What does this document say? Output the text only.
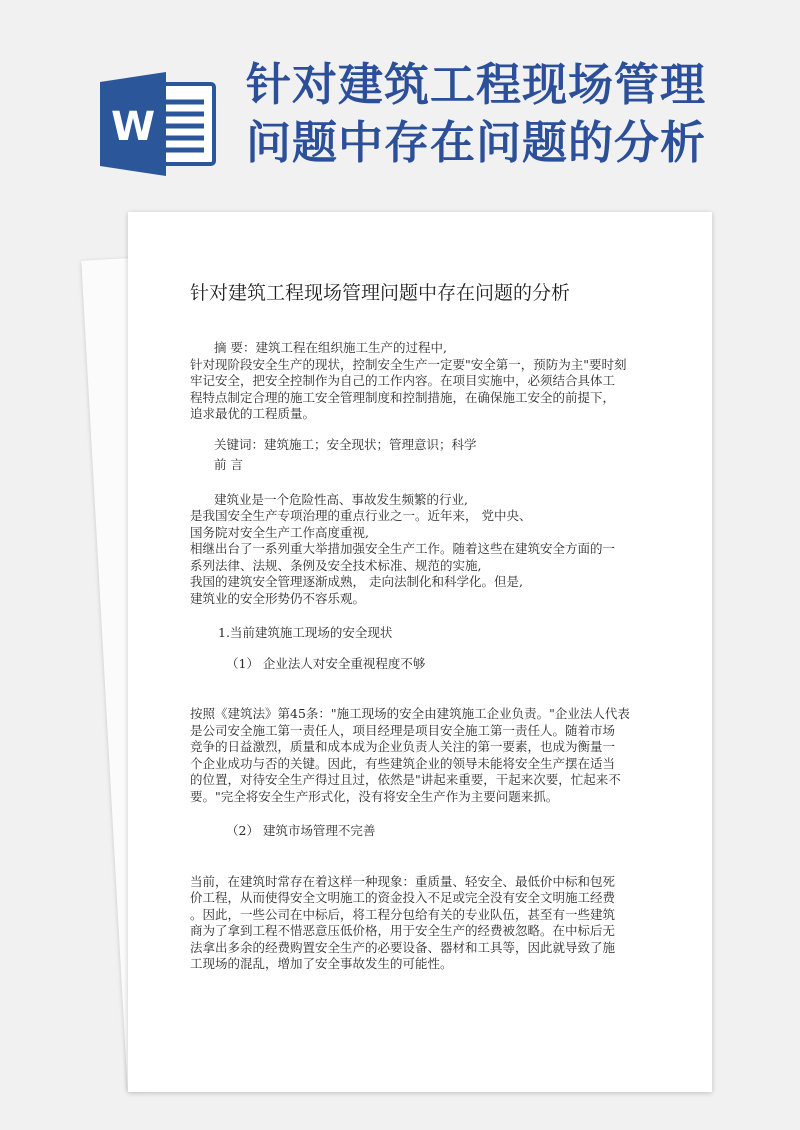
W
针对建筑工程现场管理
问题中存在问题的分析
针对建筑工程现场管理问题中存在问题的分析
摘 要：建筑工程在组织施工生产的过程中,
针对现阶段安全生产的现状，控制安全生产一定要"安全第一，预防为主"要时刻
牢记安全，把安全控制作为自己的工作内容。在项目实施中，必须结合具体工
程特点制定合理的施工安全管理制度和控制措施，在确保施工安全的前提下，
追求最优的工程质量。
关键词：建筑施工；安全现状；管理意识；科学
前 言
建筑业是一个危险性高、事故发生频繁的行业,
是我国安全生产专项治理的重点行业之一。近年来， 党中央、
国务院对安全生产工作高度重视,
相继出台了一系列重大举措加强安全生产工作。随着这些在建筑安全方面的一
系列法律、法规、条例及安全技术标准、规范的实施,
我国的建筑安全管理逐渐成熟， 走向法制化和科学化。但是,
建筑业的安全形势仍不容乐观。
1.当前建筑施工现场的安全现状
（1） 企业法人对安全重视程度不够
按照《建筑法》第45条："施工现场的安全由建筑施工企业负责。"企业法人代表
是公司安全施工第一责任人，项目经理是项目安全施工第一责任人。随着市场
竞争的日益激烈，质量和成本成为企业负责人关注的第一要素，也成为衡量一
个企业成功与否的关键。因此，有些建筑企业的领导未能将安全生产摆在适当
的位置，对待安全生产得过且过，依然是"讲起来重要，干起来次要，忙起来不
要。"完全将安全生产形式化，没有将安全生产作为主要问题来抓。
（2） 建筑市场管理不完善
当前，在建筑时常存在着这样一种现象：重质量、轻安全、最低价中标和包死
价工程，从而使得安全文明施工的资金投入不足或完全没有安全文明施工经费
。因此，一些公司在中标后，将工程分包给有关的专业队伍，甚至有一些建筑
商为了拿到工程不惜恶意压低价格，用于安全生产的经费被忽略。在中标后无
法拿出多余的经费购置安全生产的必要设备、器材和工具等，因此就导致了施
工现场的混乱，增加了安全事故发生的可能性。
